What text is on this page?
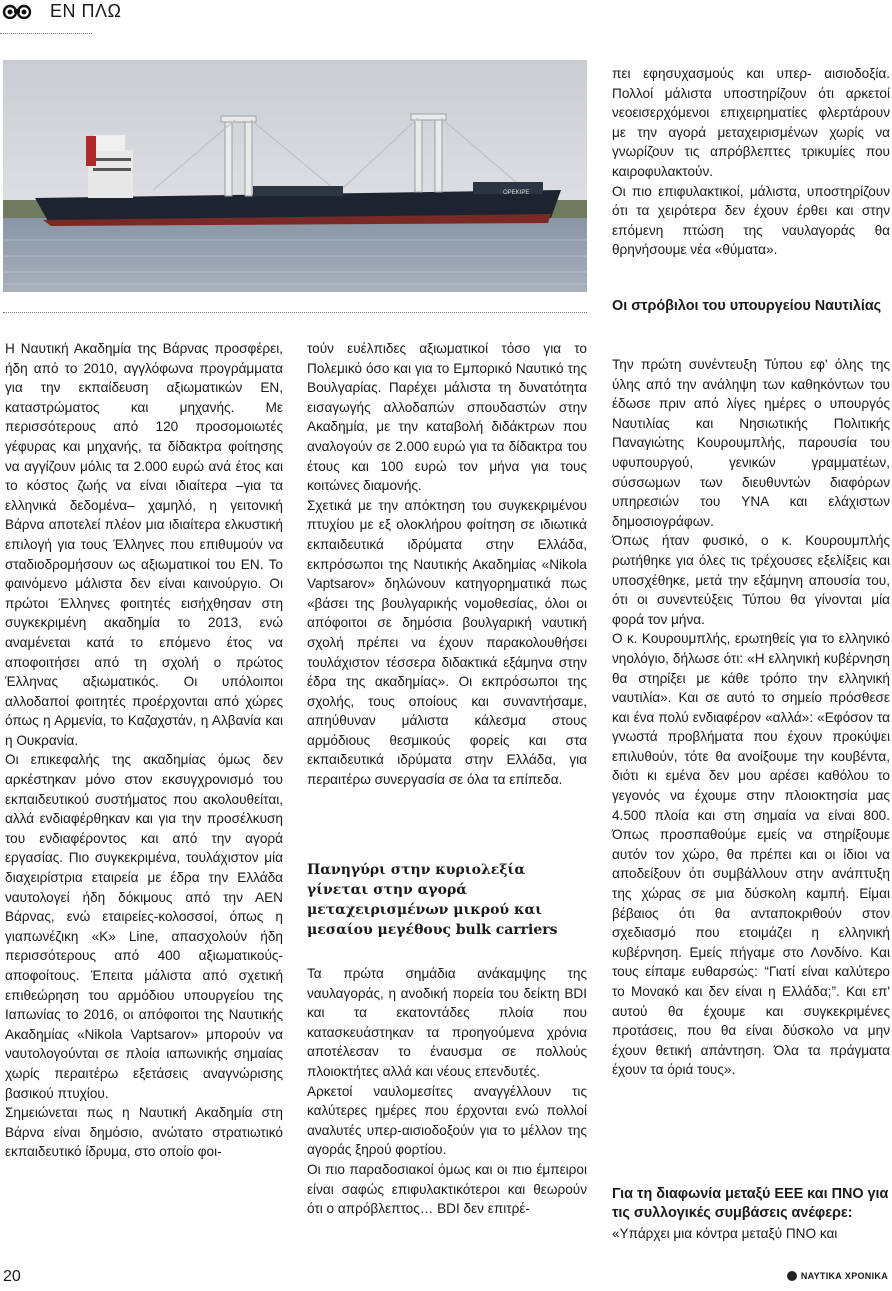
ΕΝ ΠΛΩ
ΟΡΕΚΙΡΕ

Η Ναυτική Ακαδημία της Βάρνας προσφέρει, ήδη από το 2010, αγγλόφωνα προγράμματα για την εκπαίδευση αξιωματικών ΕΝ, καταστρώματος και μηχανής. Με περισσότερους από 120 προσομοιωτές γέφυρας και μηχανής, τα δίδακτρα φοίτησης να αγγίζουν μόλις τα 2.000 ευρώ ανά έτος και το κόστος ζωής να είναι ιδιαίτερα –για τα ελληνικά δεδομένα– χαμηλό, η γειτονική Βάρνα αποτελεί πλέον μια ιδιαίτερα ελκυστική επιλογή για τους Έλληνες που επιθυμούν να σταδιοδρομήσουν ως αξιωματικοί του ΕΝ. Το φαινόμενο μάλιστα δεν είναι καινούργιο. Οι πρώτοι Έλληνες φοιτητές εισήχθησαν στη συγκεκριμένη ακαδημία το 2013, ενώ αναμένεται κατά το επόμενο έτος να αποφοιτήσει από τη σχολή ο πρώτος Έλληνας αξιωματικός. Οι υπόλοιποι αλλοδαποί φοιτητές προέρχονται από χώρες όπως η Αρμενία, το Καζαχστάν, η Αλβανία και η Ουκρανία.

Οι επικεφαλής της ακαδημίας όμως δεν αρκέστηκαν μόνο στον εκσυγχρονισμό του εκπαιδευτικού συστήματος που ακολουθείται, αλλά ενδιαφέρθηκαν και για την προσέλκυση του ενδιαφέροντος και από την αγορά εργασίας. Πιο συγκεκριμένα, τουλάχιστον μία διαχειρίστρια εταιρεία με έδρα την Ελλάδα ναυτολογεί ήδη δόκιμους από την ΑΕΝ Βάρνας, ενώ εταιρείες-κολοσσοί, όπως η γιαπωνέζικη «Κ» Line, απασχολούν ήδη περισσότερους από 400 αξιωματικούς-αποφοίτους. Έπειτα μάλιστα από σχετική επιθεώρηση του αρμόδιου υπουργείου της Ιαπωνίας το 2016, οι απόφοιτοι της Ναυτικής Ακαδημίας «Nikola Vaptsarov» μπορούν να ναυτολογούνται σε πλοία ιαπωνικής σημαίας χωρίς περαιτέρω εξετάσεις αναγνώρισης βασικού πτυχίου.

Σημειώνεται πως η Ναυτική Ακαδημία στη Βάρνα είναι δημόσιο, ανώτατο στρατιωτικό εκπαιδευτικό ίδρυμα, στο οποίο φοι-

τούν ευέλπιδες αξιωματικοί τόσο για το Πολεμικό όσο και για το Εμπορικό Ναυτικό της Βουλγαρίας. Παρέχει μάλιστα τη δυνατότητα εισαγωγής αλλοδαπών σπουδαστών στην Ακαδημία, με την καταβολή διδάκτρων που αναλογούν σε 2.000 ευρώ για τα δίδακτρα του έτους και 100 ευρώ τον μήνα για τους κοιτώνες διαμονής.

Σχετικά με την απόκτηση του συγκεκριμένου πτυχίου με εξ ολοκλήρου φοίτηση σε ιδιωτικά εκπαιδευτικά ιδρύματα στην Ελλάδα, εκπρόσωποι της Ναυτικής Ακαδημίας «Nikola Vaptsarov» δηλώνουν κατηγορηματικά πως «βάσει της βουλγαρικής νομοθεσίας, όλοι οι απόφοιτοι σε δημόσια βουλγαρική ναυτική σχολή πρέπει να έχουν παρακολουθήσει τουλάχιστον τέσσερα διδακτικά εξάμηνα στην έδρα της ακαδημίας». Οι εκπρόσωποι της σχολής, τους οποίους και συναντήσαμε, απηύθυναν μάλιστα κάλεσμα στους αρμόδιους θεσμικούς φορείς και στα εκπαιδευτικά ιδρύματα στην Ελλάδα, για περαιτέρω συνεργασία σε όλα τα επίπεδα.

Πανηγύρι στην κυριολεξία γίνεται στην αγορά μεταχειρισμένων μικρού και μεσαίου μεγέθους bulk carriers

Τα πρώτα σημάδια ανάκαμψης της ναυλαγοράς, η ανοδική πορεία του δείκτη BDI και τα εκατοντάδες πλοία που κατασκευάστηκαν τα προηγούμενα χρόνια αποτέλεσαν το έναυσμα σε πολλούς πλοιοκτήτες αλλά και νέους επενδυτές.

Αρκετοί ναυλομεσίτες αναγγέλλουν τις καλύτερες ημέρες που έρχονται ενώ πολλοί αναλυτές υπερ-αισιοδοξούν για το μέλλον της αγοράς ξηρού φορτίου.

Οι πιο παραδοσιακοί όμως και οι πιο έμπειροι είναι σαφώς επιφυλακτικότεροι και θεωρούν ότι ο απρόβλεπτος… BDI δεν επιτρέ-

πει εφησυχασμούς και υπερ- αισιοδοξία. Πολλοί μάλιστα υποστηρίζουν ότι αρκετοί νεοεισερχόμενοι επιχειρηματίες φλερτάρουν με την αγορά μεταχειρισμένων χωρίς να γνωρίζουν τις απρόβλεπτες τρικυμίες που καιροφυλακτούν.

Οι πιο επιφυλακτικοί, μάλιστα, υποστηρίζουν ότι τα χειρότερα δεν έχουν έρθει και στην επόμενη πτώση της ναυλαγοράς θα θρηνήσουμε νέα «θύματα».

Οι στρόβιλοι του υπουργείου Ναυτιλίας

Την πρώτη συνέντευξη Τύπου εφ' όλης της ύλης από την ανάληψη των καθηκόντων του έδωσε πριν από λίγες ημέρες ο υπουργός Ναυτιλίας και Νησιωτικής Πολιτικής Παναγιώτης Κουρουμπλής, παρουσία του υφυπουργού, γενικών γραμματέων, σύσσωμων των διευθυντών διαφόρων υπηρεσιών του ΥΝΑ και ελάχιστων δημοσιογράφων.

Όπως ήταν φυσικό, ο κ. Κουρουμπλής ρωτήθηκε για όλες τις τρέχουσες εξελίξεις και υποσχέθηκε, μετά την εξάμηνη απουσία του, ότι οι συνεντεύξεις Τύπου θα γίνονται μία φορά τον μήνα.

Ο κ. Κουρουμπλής, ερωτηθείς για το ελληνικό νηολόγιο, δήλωσε ότι: «Η ελληνική κυβέρνηση θα στηρίξει με κάθε τρόπο την ελληνική ναυτιλία». Και σε αυτό το σημείο πρόσθεσε και ένα πολύ ενδιαφέρον «αλλά»: «Εφόσον τα γνωστά προβλήματα που έχουν προκύψει επιλυθούν, τότε θα ανοίξουμε την κουβέντα, διότι κι εμένα δεν μου αρέσει καθόλου το γεγονός να έχουμε στην πλοιοκτησία μας 4.500 πλοία και στη σημαία να είναι 800. Όπως προσπαθούμε εμείς να στηρίξουμε αυτόν τον χώρο, θα πρέπει και οι ίδιοι να αποδείξουν ότι συμβάλλουν στην ανάπτυξη της χώρας σε μια δύσκολη καμπή. Είμαι βέβαιος ότι θα ανταποκριθούν στον σχεδιασμό που ετοιμάζει η ελληνική κυβέρνηση. Εμείς πήγαμε στο Λονδίνο. Και τους είπαμε ευθαρσώς: “Γιατί είναι καλύτερο το Μονακό και δεν είναι η Ελλάδα;”. Και επ' αυτού θα έχουμε και συγκεκριμένες προτάσεις, που θα είναι δύσκολο να μην έχουν θετική απάντηση. Όλα τα πράγματα έχουν τα όριά τους».

Για τη διαφωνία μεταξύ ΕΕΕ και ΠΝΟ για τις συλλογικές συμβάσεις ανέφερε:

«Υπάρχει μια κόντρα μεταξύ ΠΝΟ και

20	ΝΑΥΤΙΚΑ ΧΡΟΝΙΚΑ
